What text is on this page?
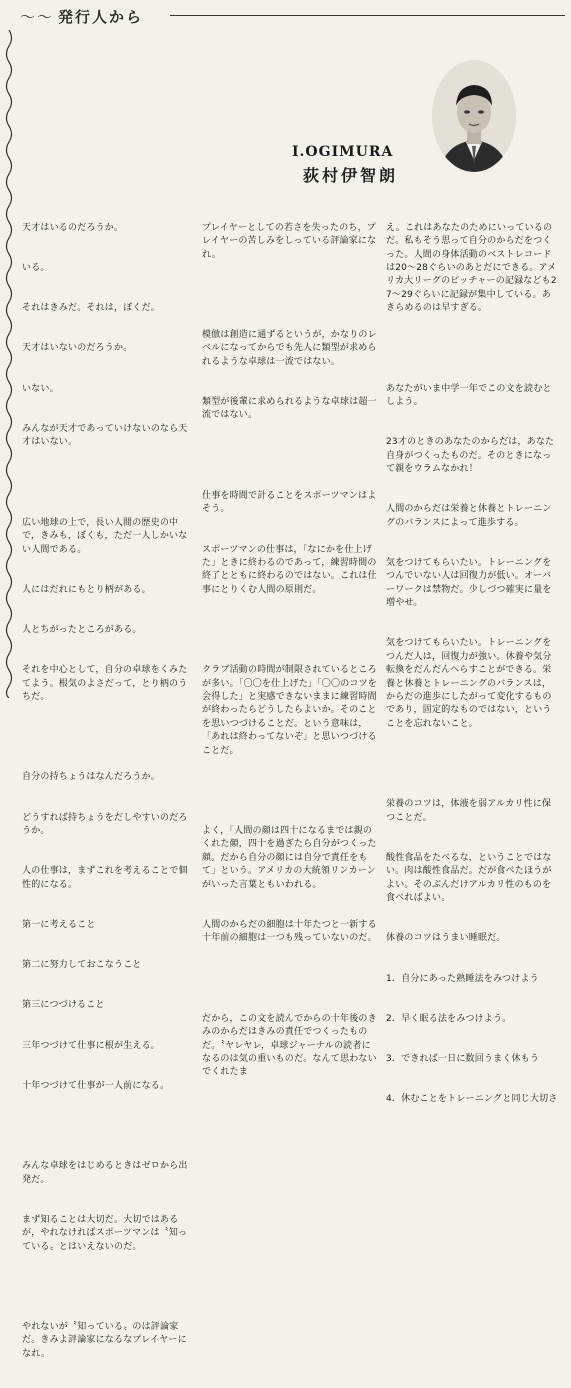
〜〜 発行人から
I.OGIMURA
荻村伊智朗

天才はいるのだろうか。

いる。

それはきみだ。それは，ぼくだ。

天才はいないのだろうか。

いない。

みんなが天才であっていけないのなら天才はいない。

広い地球の上で，長い人間の歴史の中で，きみも，ぼくも，ただ一人しかいない人間である。

人にはだれにもとり柄がある。

人とちがったところがある。

それを中心として，自分の卓球をくみたてよう。根気のよさだって，とり柄のうちだ。

自分の持ちょうはなんだろうか。

どうすれば持ちょうをだしやすいのだろうか。

人の仕事は，まずこれを考えることで個性的になる。

第一に考えること

第二に努力しておこなうこと

第三につづけること

三年つづけて仕事に根が生える。

十年つづけて仕事が一人前になる。

みんな卓球をはじめるときはゼロから出発だ。

まず知ることは大切だ。大切ではあるが，やれなければスポーツマンは〝知っている〟とはいえないのだ。

やれないが〝知っている〟のは評論家だ。きみよ評論家になるなプレイヤーになれ。

プレイヤーとしての若さを失ったのち，プレイヤーの苦しみをしっている評論家になれ。

模倣は創造に通ずるというが，かなりのレベルになってからでも先人に類型が求められるような卓球は一流ではない。

類型が後輩に求められるような卓球は超一流ではない。

仕事を時間で計ることをスポーツマンはよそう。

スポーツマンの仕事は，「なにかを仕上げた」ときに終わるのであって，練習時間の終了とともに終わるのではない。これは仕事にとりくむ人間の原則だ。

クラブ活動の時間が制限されているところが多い。「〇〇を仕上げた」「〇〇のコツを会得した」と実感できないままに練習時間が終わったらどうしたらよいか。そのことを思いつづけることだ。という意味は，「あれは終わってないぞ」と思いつづけることだ。

よく，「人間の顔は四十になるまでは親のくれた顔，四十を過ぎたら自分がつくった顔。だから自分の顔には自分で責任をもて」という。アメリカの大統領リンカーンがいった言葉ともいわれる。

人間のからだの細胞は十年たつと一新する十年前の細胞は一つも残っていないのだ。

だから，この文を読んでからの十年後のきみのからだはきみの責任でつくったものだ。〝ヤレヤレ，卓球ジャーナルの読者になるのは気の重いものだ。なんて思わないでくれたま

え。これはあなたのためにいっているのだ。私もそう思って自分のからだをつくった。人間の身体活動のベストレコードは20～28ぐらいのあとだにできる。アメリカ大リーグのピッチャーの記録なども27～29ぐらいに記録が集中している。あきらめるのは早すぎる。

あなたがいま中学一年でこの文を読むとしよう。

23才のときのあなたのからだは，あなた自身がつくったものだ。そのときになって親をウラムなかれ！

人間のからだは栄養と休養とトレーニングのバランスによって進歩する。

気をつけてもらいたい。トレーニングをつんでいない人は回復力が低い。オーバーワークは禁物だ。少しづつ確実に量を増やせ。

気をつけてもらいたい。トレーニングをつんだ人は，回復力が強い。休養や気分転換をだんだんへらすことができる。栄養と休養とトレーニングのバランスは，からだの進歩にしたがって変化するものであり，固定的なものではない，ということを忘れないこと。

栄養のコツは，体液を弱アルカリ性に保つことだ。

酸性食品をたべるな，ということではない。肉は酸性食品だ。だが食べたほうがよい。そのぶんだけアルカリ性のものを食べればよい。

休養のコツはうまい睡眠だ。

1．自分にあった熟睡法をみつけよう

2．早く眠る法をみつけよう。

3．できれば一日に数回うまく休もう

4．休むことをトレーニングと同じ大切さ
